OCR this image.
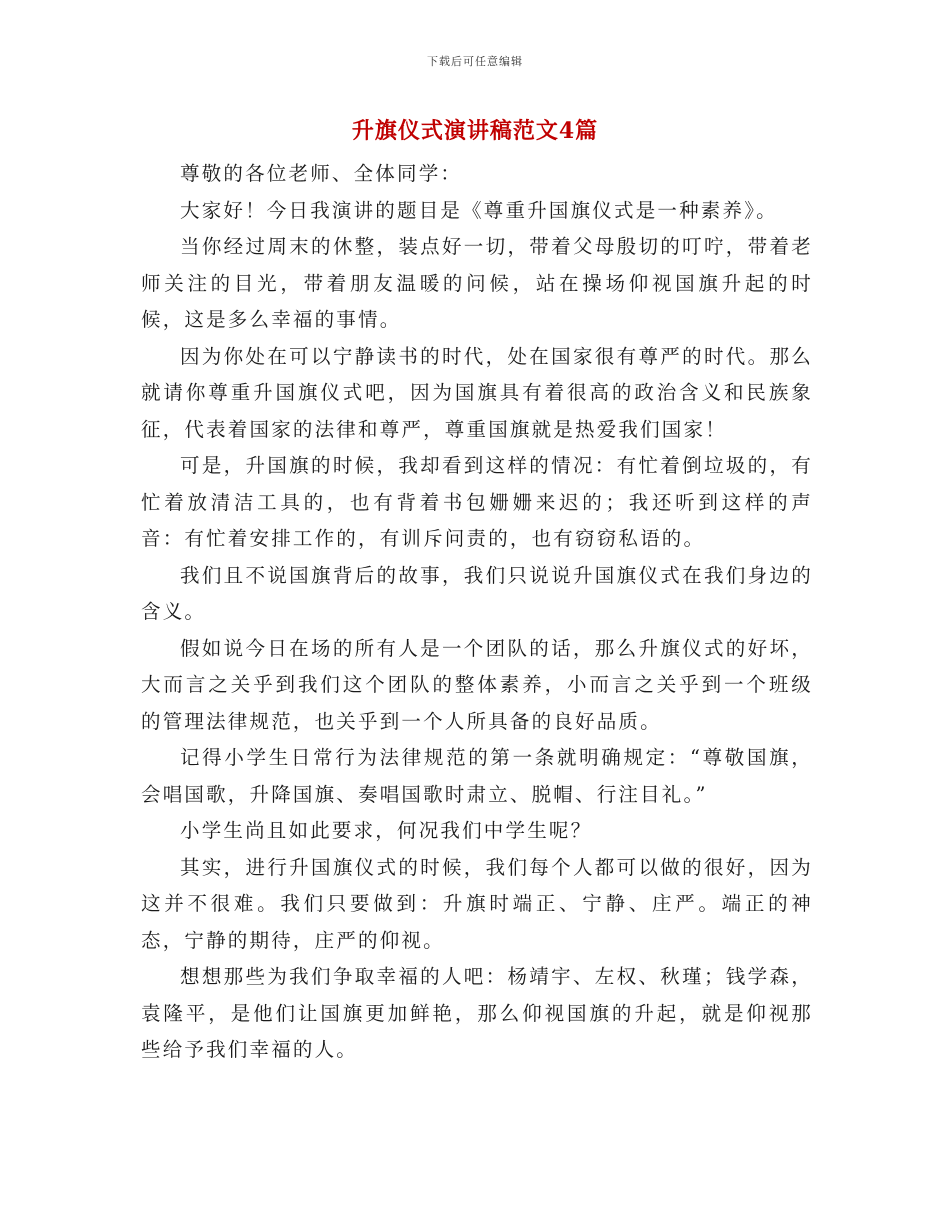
下载后可任意编辑
升旗仪式演讲稿范文4篇

尊敬的各位老师、全体同学：

大家好！今日我演讲的题目是《尊重升国旗仪式是一种素养》。

当你经过周末的休整，装点好一切，带着父母殷切的叮咛，带着老师关注的目光，带着朋友温暖的问候，站在操场仰视国旗升起的时候，这是多么幸福的事情。

因为你处在可以宁静读书的时代，处在国家很有尊严的时代。那么就请你尊重升国旗仪式吧，因为国旗具有着很高的政治含义和民族象征，代表着国家的法律和尊严，尊重国旗就是热爱我们国家！

可是，升国旗的时候，我却看到这样的情况：有忙着倒垃圾的，有忙着放清洁工具的，也有背着书包姗姗来迟的；我还听到这样的声音：有忙着安排工作的，有训斥问责的，也有窃窃私语的。

我们且不说国旗背后的故事，我们只说说升国旗仪式在我们身边的含义。

假如说今日在场的所有人是一个团队的话，那么升旗仪式的好坏，大而言之关乎到我们这个团队的整体素养，小而言之关乎到一个班级的管理法律规范，也关乎到一个人所具备的良好品质。

记得小学生日常行为法律规范的第一条就明确规定：“尊敬国旗，会唱国歌，升降国旗、奏唱国歌时肃立、脱帽、行注目礼。”

小学生尚且如此要求，何况我们中学生呢？

其实，进行升国旗仪式的时候，我们每个人都可以做的很好，因为这并不很难。我们只要做到：升旗时端正、宁静、庄严。端正的神态，宁静的期待，庄严的仰视。

想想那些为我们争取幸福的人吧：杨靖宇、左权、秋瑾；钱学森，袁隆平，是他们让国旗更加鲜艳，那么仰视国旗的升起，就是仰视那些给予我们幸福的人。
